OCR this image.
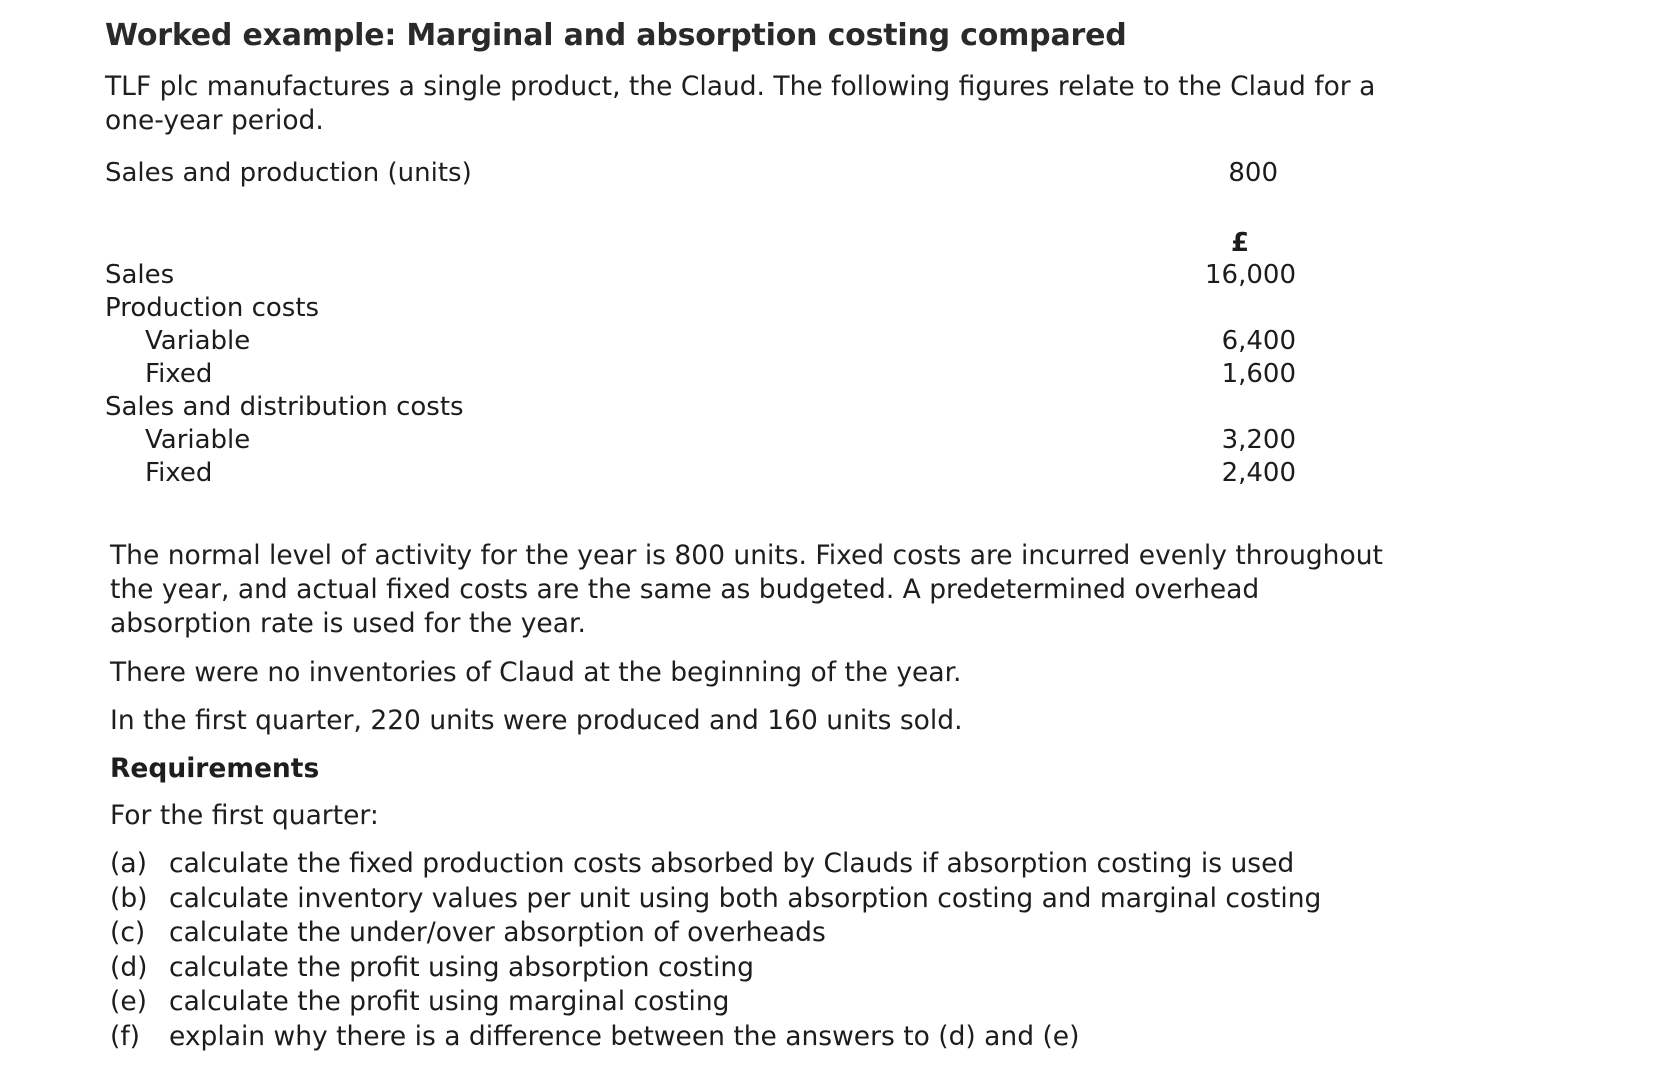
Worked example: Marginal and absorption costing compared
TLF plc manufactures a single product, the Claud. The following figures relate to the Claud for a
one-year period.
Sales and production (units)	800
£
Sales	16,000
Production costs
Variable	6,400
Fixed	1,600
Sales and distribution costs
Variable	3,200
Fixed	2,400
The normal level of activity for the year is 800 units. Fixed costs are incurred evenly throughout
the year, and actual fixed costs are the same as budgeted. A predetermined overhead
absorption rate is used for the year.
There were no inventories of Claud at the beginning of the year.
In the first quarter, 220 units were produced and 160 units sold.
Requirements
For the first quarter:
(a) calculate the fixed production costs absorbed by Clauds if absorption costing is used
(b) calculate inventory values per unit using both absorption costing and marginal costing
(c) calculate the under/over absorption of overheads
(d) calculate the profit using absorption costing
(e) calculate the profit using marginal costing
(f) explain why there is a difference between the answers to (d) and (e)
